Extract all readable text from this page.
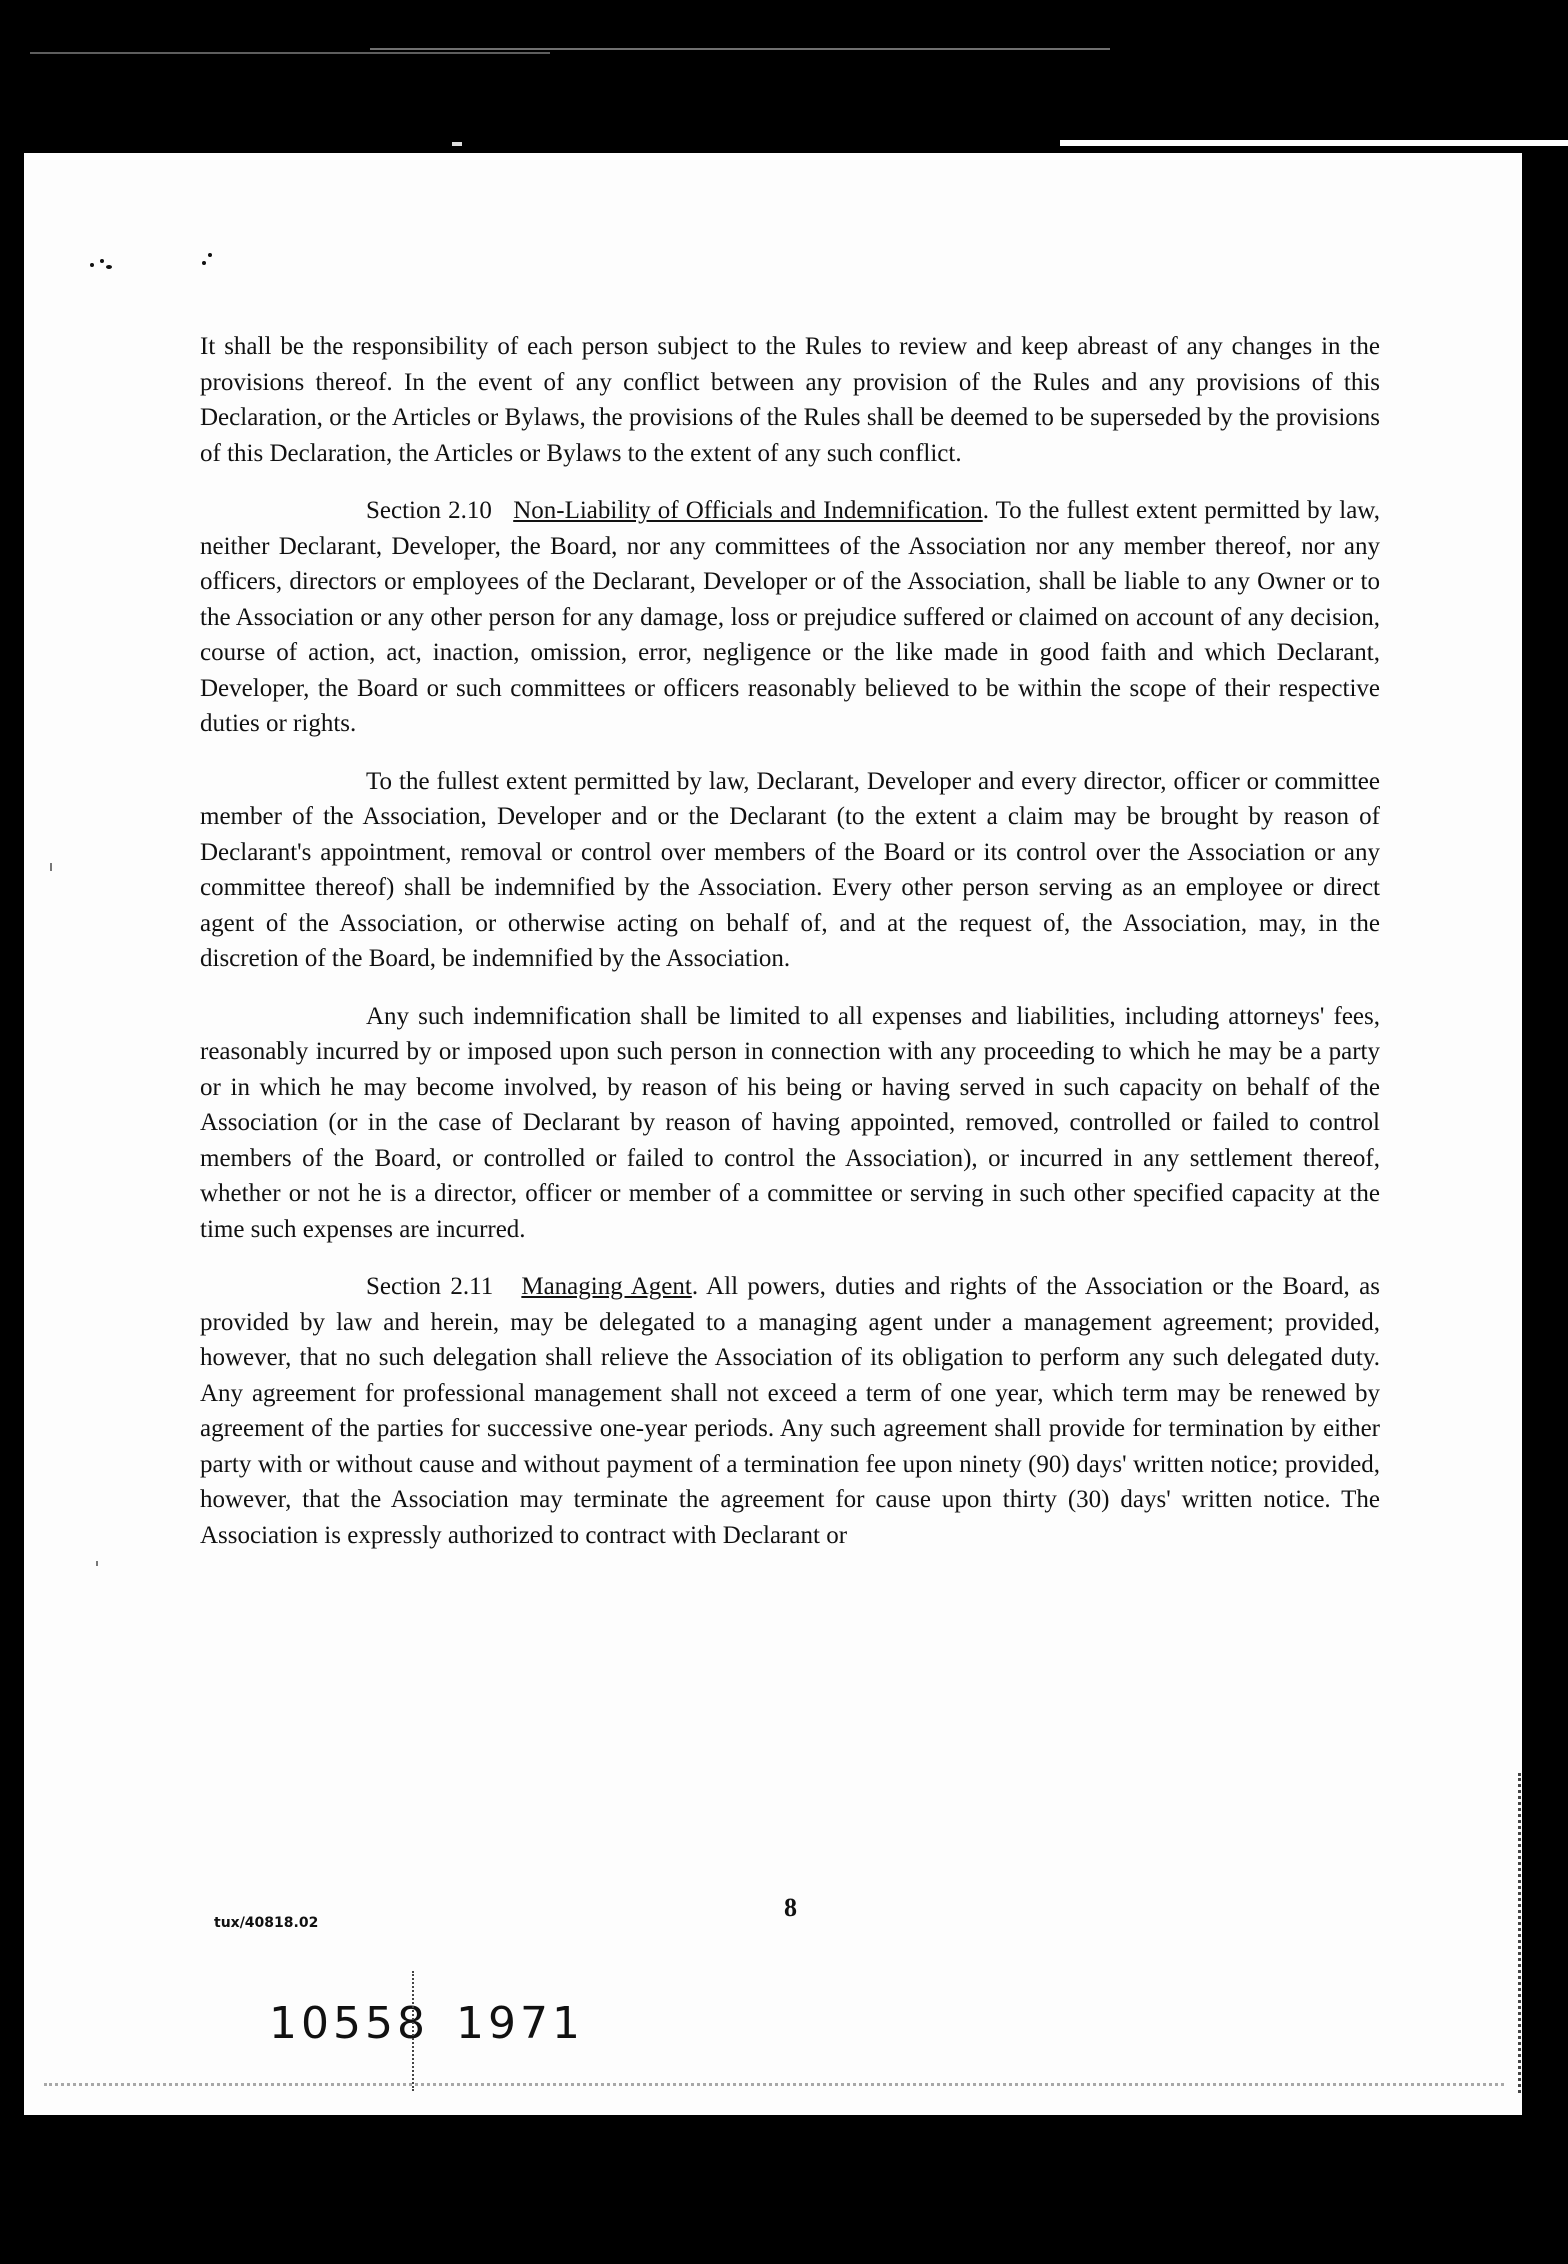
It shall be the responsibility of each person subject to the Rules to review and keep abreast of any changes in the provisions thereof. In the event of any conflict between any provision of the Rules and any provisions of this Declaration, or the Articles or Bylaws, the provisions of the Rules shall be deemed to be superseded by the provisions of this Declaration, the Articles or Bylaws to the extent of any such conflict.

Section 2.10 Non-Liability of Officials and Indemnification. To the fullest extent permitted by law, neither Declarant, Developer, the Board, nor any committees of the Association nor any member thereof, nor any officers, directors or employees of the Declarant, Developer or of the Association, shall be liable to any Owner or to the Association or any other person for any damage, loss or prejudice suffered or claimed on account of any decision, course of action, act, inaction, omission, error, negligence or the like made in good faith and which Declarant, Developer, the Board or such committees or officers reasonably believed to be within the scope of their respective duties or rights.

To the fullest extent permitted by law, Declarant, Developer and every director, officer or committee member of the Association, Developer and or the Declarant (to the extent a claim may be brought by reason of Declarant's appointment, removal or control over members of the Board or its control over the Association or any committee thereof) shall be indemnified by the Association. Every other person serving as an employee or direct agent of the Association, or otherwise acting on behalf of, and at the request of, the Association, may, in the discretion of the Board, be indemnified by the Association.

Any such indemnification shall be limited to all expenses and liabilities, including attorneys' fees, reasonably incurred by or imposed upon such person in connection with any proceeding to which he may be a party or in which he may become involved, by reason of his being or having served in such capacity on behalf of the Association (or in the case of Declarant by reason of having appointed, removed, controlled or failed to control members of the Board, or controlled or failed to control the Association), or incurred in any settlement thereof, whether or not he is a director, officer or member of a committee or serving in such other specified capacity at the time such expenses are incurred.

Section 2.11 Managing Agent. All powers, duties and rights of the Association or the Board, as provided by law and herein, may be delegated to a managing agent under a management agreement; provided, however, that no such delegation shall relieve the Association of its obligation to perform any such delegated duty. Any agreement for professional management shall not exceed a term of one year, which term may be renewed by agreement of the parties for successive one-year periods. Any such agreement shall provide for termination by either party with or without cause and without payment of a termination fee upon ninety (90) days' written notice; provided, however, that the Association may terminate the agreement for cause upon thirty (30) days' written notice. The Association is expressly authorized to contract with Declarant or

tux/40818.02
8
10558 1971
